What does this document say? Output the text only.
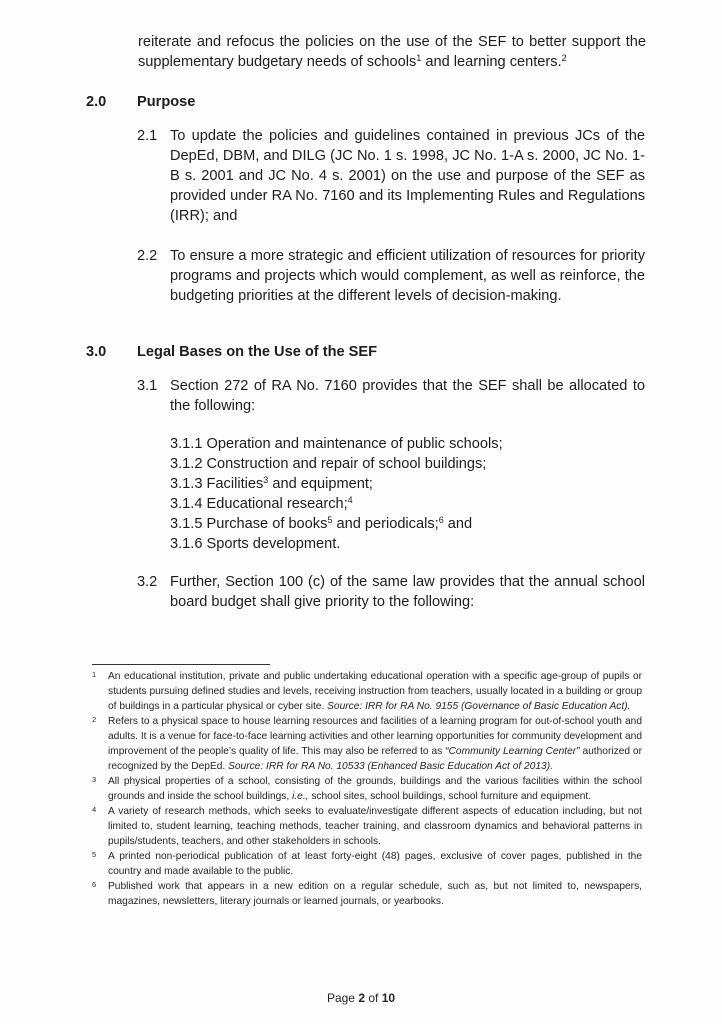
reiterate and refocus the policies on the use of the SEF to better support the supplementary budgetary needs of schools$^1$ and learning centers.$^2$
2.0 Purpose
2.1 To update the policies and guidelines contained in previous JCs of the DepEd, DBM, and DILG (JC No. 1 s. 1998, JC No. 1-A s. 2000, JC No. 1-B s. 2001 and JC No. 4 s. 2001) on the use and purpose of the SEF as provided under RA No. 7160 and its Implementing Rules and Regulations (IRR); and
2.2 To ensure a more strategic and efficient utilization of resources for priority programs and projects which would complement, as well as reinforce, the budgeting priorities at the different levels of decision-making.
3.0 Legal Bases on the Use of the SEF
3.1 Section 272 of RA No. 7160 provides that the SEF shall be allocated to the following:
3.1.1 Operation and maintenance of public schools;
3.1.2 Construction and repair of school buildings;
3.1.3 Facilities$^3$ and equipment;
3.1.4 Educational research;$^4$
3.1.5 Purchase of books$^5$ and periodicals;$^6$ and
3.1.6 Sports development.
3.2 Further, Section 100 (c) of the same law provides that the annual school board budget shall give priority to the following:
1 An educational institution, private and public undertaking educational operation with a specific age-group of pupils or students pursuing defined studies and levels, receiving instruction from teachers, usually located in a building or group of buildings in a particular physical or cyber site. Source: IRR for RA No. 9155 (Governance of Basic Education Act).
2 Refers to a physical space to house learning resources and facilities of a learning program for out-of-school youth and adults. It is a venue for face-to-face learning activities and other learning opportunities for community development and improvement of the people’s quality of life. This may also be referred to as “Community Learning Center” authorized or recognized by the DepEd. Source: IRR for RA No. 10533 (Enhanced Basic Education Act of 2013).
3 All physical properties of a school, consisting of the grounds, buildings and the various facilities within the school grounds and inside the school buildings, i.e., school sites, school buildings, school furniture and equipment.
4 A variety of research methods, which seeks to evaluate/investigate different aspects of education including, but not limited to, student learning, teaching methods, teacher training, and classroom dynamics and behavioral patterns in pupils/students, teachers, and other stakeholders in schools.
5 A printed non-periodical publication of at least forty-eight (48) pages, exclusive of cover pages, published in the country and made available to the public.
6 Published work that appears in a new edition on a regular schedule, such as, but not limited to, newspapers, magazines, newsletters, literary journals or learned journals, or yearbooks.
Page 2 of 10
